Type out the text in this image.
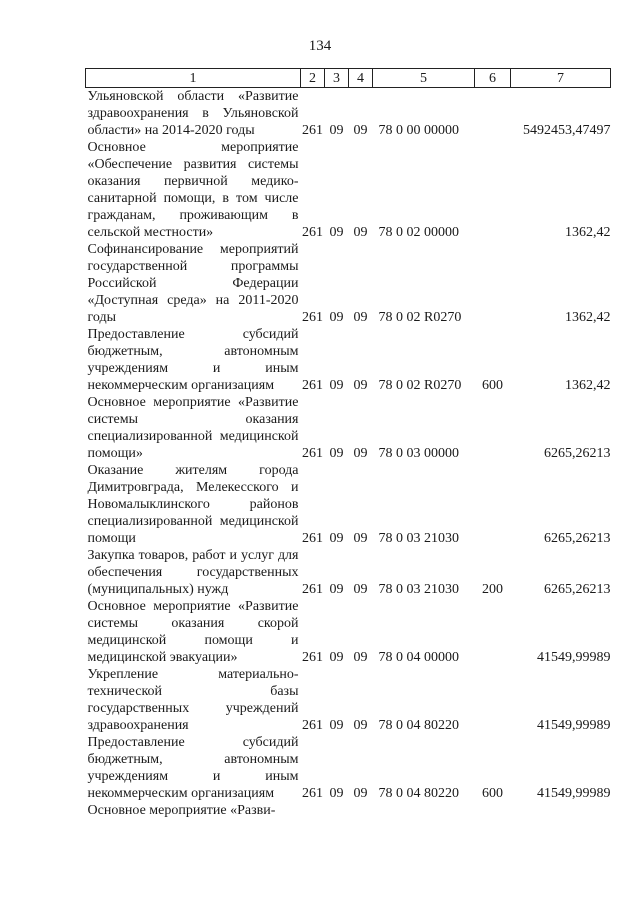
134
1	2	3	4	5	6	7
Ульяновской области «Развитие здравоохранения в Ульяновской области» на 2014-2020 годы	261	09	09	78 0 00 00000		5492453,47497
Основное мероприятие «Обеспечение развития системы оказания первичной медико-санитарной помощи, в том числе гражданам, проживающим в сельской местности»	261	09	09	78 0 02 00000		1362,42
Софинансирование мероприятий государственной программы Российской Федерации «Доступная среда» на 2011-2020 годы	261	09	09	78 0 02 R0270		1362,42
Предоставление субсидий бюджетным, автономным учреждениям и иным некоммерческим организациям	261	09	09	78 0 02 R0270	600	1362,42
Основное мероприятие «Развитие системы оказания специализированной медицинской помощи»	261	09	09	78 0 03 00000		6265,26213
Оказание жителям города Димитровграда, Мелекесского и Новомалыклинского районов специализированной медицинской помощи	261	09	09	78 0 03 21030		6265,26213
Закупка товаров, работ и услуг для обеспечения государственных (муниципальных) нужд	261	09	09	78 0 03 21030	200	6265,26213
Основное мероприятие «Развитие системы оказания скорой медицинской помощи и медицинской эвакуации»	261	09	09	78 0 04 00000		41549,99989
Укрепление материально-технической базы государственных учреждений здравоохранения	261	09	09	78 0 04 80220		41549,99989
Предоставление субсидий бюджетным, автономным учреждениям и иным некоммерческим организациям	261	09	09	78 0 04 80220	600	41549,99989
Основное мероприятие «Разви-						
